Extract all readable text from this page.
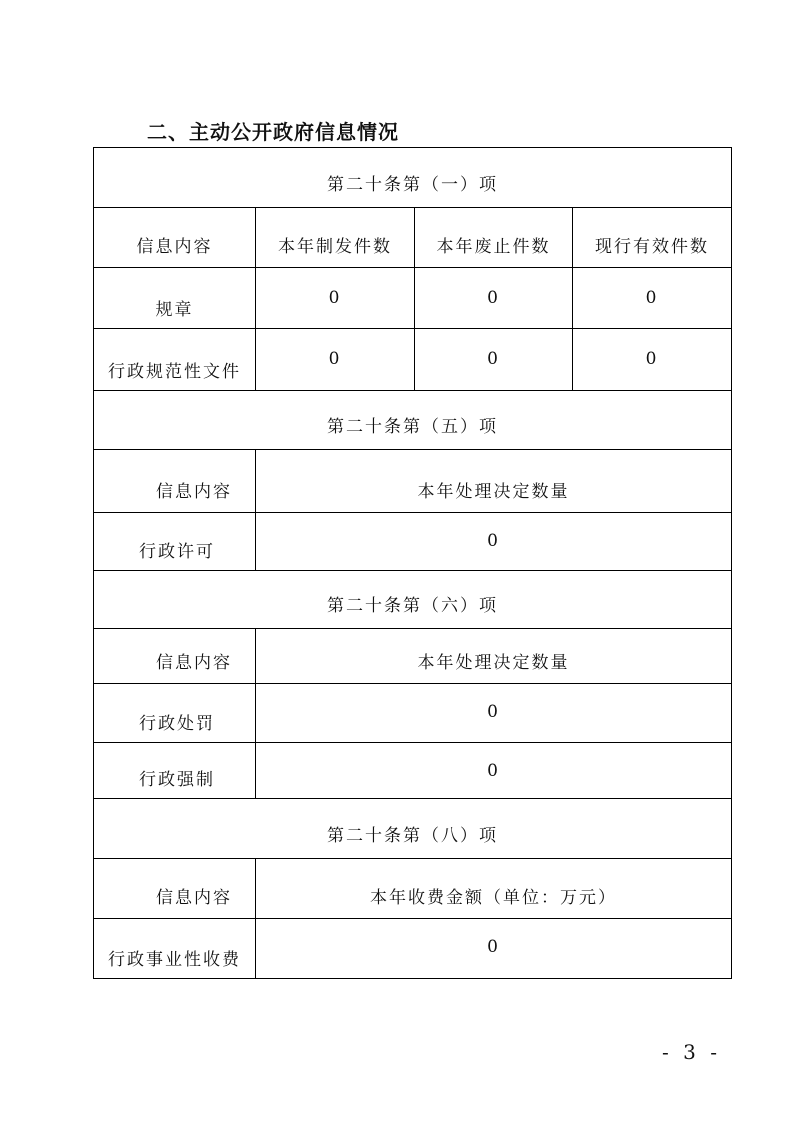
二、主动公开政府信息情况
第二十条第（一）项			
信息内容	本年制发件数	本年废止件数	现行有效件数
规章	0	0	0
行政规范性文件	0	0	0
第二十条第（五）项			
信息内容	本年处理决定数量		
行政许可	0		
第二十条第（六）项			
信息内容	本年处理决定数量		
行政处罚	0		
行政强制	0		
第二十条第（八）项			
信息内容	本年收费金额（单位：万元）		
行政事业性收费	0		
- 3 -
